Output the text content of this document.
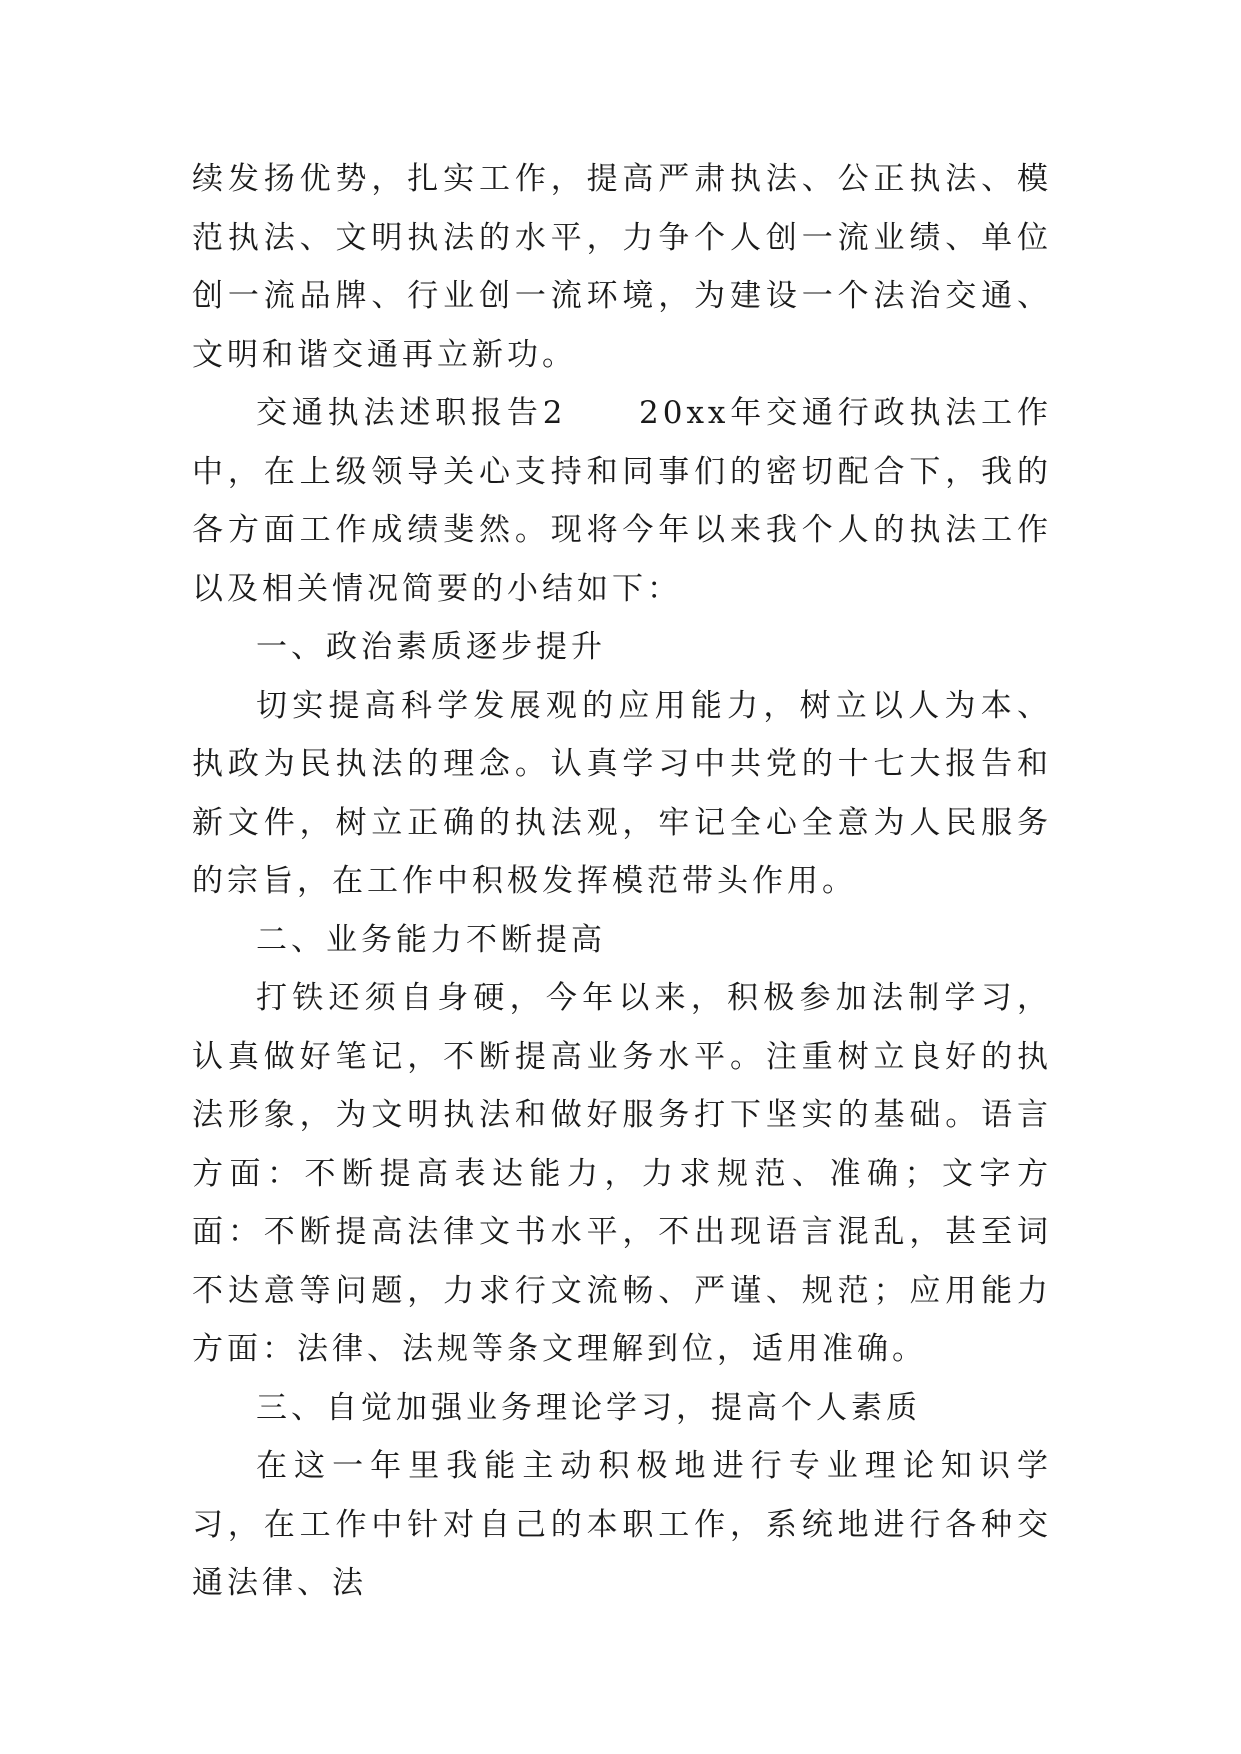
续发扬优势，扎实工作，提高严肃执法、公正执法、模范执法、文明执法的水平，力争个人创一流业绩、单位创一流品牌、行业创一流环境，为建设一个法治交通、文明和谐交通再立新功。

交通执法述职报告2　　20xx年交通行政执法工作中，在上级领导关心支持和同事们的密切配合下，我的各方面工作成绩斐然。现将今年以来我个人的执法工作以及相关情况简要的小结如下：

一、政治素质逐步提升

切实提高科学发展观的应用能力，树立以人为本、执政为民执法的理念。认真学习中共党的十七大报告和新文件，树立正确的执法观，牢记全心全意为人民服务的宗旨，在工作中积极发挥模范带头作用。

二、业务能力不断提高

打铁还须自身硬，今年以来，积极参加法制学习，认真做好笔记，不断提高业务水平。注重树立良好的执法形象，为文明执法和做好服务打下坚实的基础。语言方面：不断提高表达能力，力求规范、准确；文字方面：不断提高法律文书水平，不出现语言混乱，甚至词不达意等问题，力求行文流畅、严谨、规范；应用能力方面：法律、法规等条文理解到位，适用准确。

三、自觉加强业务理论学习，提高个人素质

在这一年里我能主动积极地进行专业理论知识学习，在工作中针对自己的本职工作，系统地进行各种交通法律、法
